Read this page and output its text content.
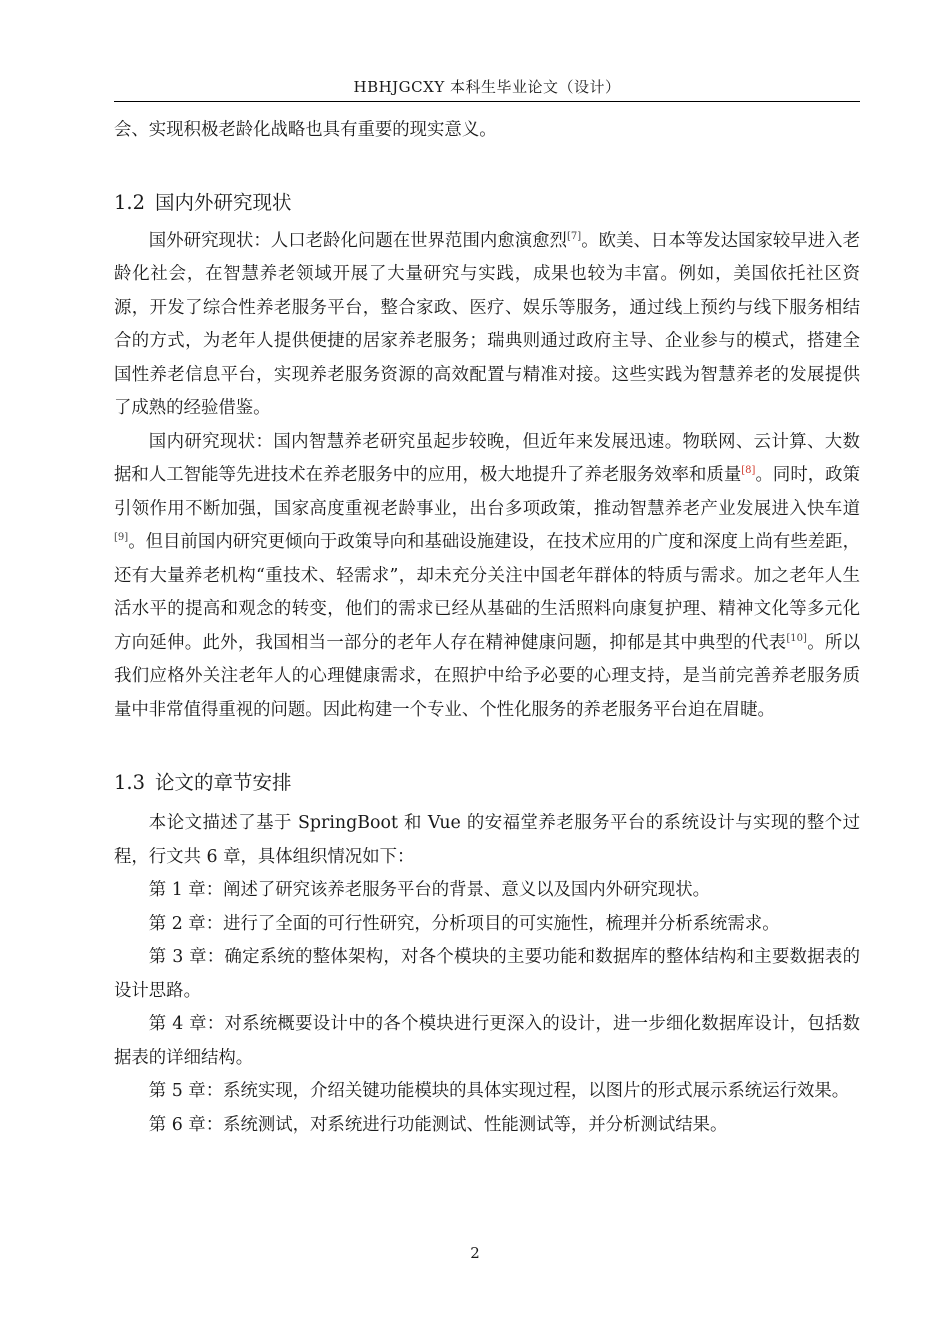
HBHJGCXY 本科生毕业论文（设计）

会、实现积极老龄化战略也具有重要的现实意义。

1.2 国内外研究现状

国外研究现状：人口老龄化问题在世界范围内愈演愈烈[7]。欧美、日本等发达国家较早进入老龄化社会，在智慧养老领域开展了大量研究与实践，成果也较为丰富。例如，美国依托社区资源，开发了综合性养老服务平台，整合家政、医疗、娱乐等服务，通过线上预约与线下服务相结合的方式，为老年人提供便捷的居家养老服务；瑞典则通过政府主导、企业参与的模式，搭建全国性养老信息平台，实现养老服务资源的高效配置与精准对接。这些实践为智慧养老的发展提供了成熟的经验借鉴。

国内研究现状：国内智慧养老研究虽起步较晚，但近年来发展迅速。物联网、云计算、大数据和人工智能等先进技术在养老服务中的应用，极大地提升了养老服务效率和质量[8]。同时，政策引领作用不断加强，国家高度重视老龄事业，出台多项政策，推动智慧养老产业发展进入快车道[9]。但目前国内研究更倾向于政策导向和基础设施建设，在技术应用的广度和深度上尚有些差距，还有大量养老机构“重技术、轻需求”，却未充分关注中国老年群体的特质与需求。加之老年人生活水平的提高和观念的转变，他们的需求已经从基础的生活照料向康复护理、精神文化等多元化方向延伸。此外，我国相当一部分的老年人存在精神健康问题，抑郁是其中典型的代表[10]。所以我们应格外关注老年人的心理健康需求，在照护中给予必要的心理支持，是当前完善养老服务质量中非常值得重视的问题。因此构建一个专业、个性化服务的养老服务平台迫在眉睫。

1.3 论文的章节安排

本论文描述了基于 SpringBoot 和 Vue 的安福堂养老服务平台的系统设计与实现的整个过程，行文共 6 章，具体组织情况如下：

第 1 章：阐述了研究该养老服务平台的背景、意义以及国内外研究现状。

第 2 章：进行了全面的可行性研究，分析项目的可实施性，梳理并分析系统需求。

第 3 章：确定系统的整体架构，对各个模块的主要功能和数据库的整体结构和主要数据表的设计思路。

第 4 章：对系统概要设计中的各个模块进行更深入的设计，进一步细化数据库设计，包括数据表的详细结构。

第 5 章：系统实现，介绍关键功能模块的具体实现过程，以图片的形式展示系统运行效果。

第 6 章：系统测试，对系统进行功能测试、性能测试等，并分析测试结果。

2
